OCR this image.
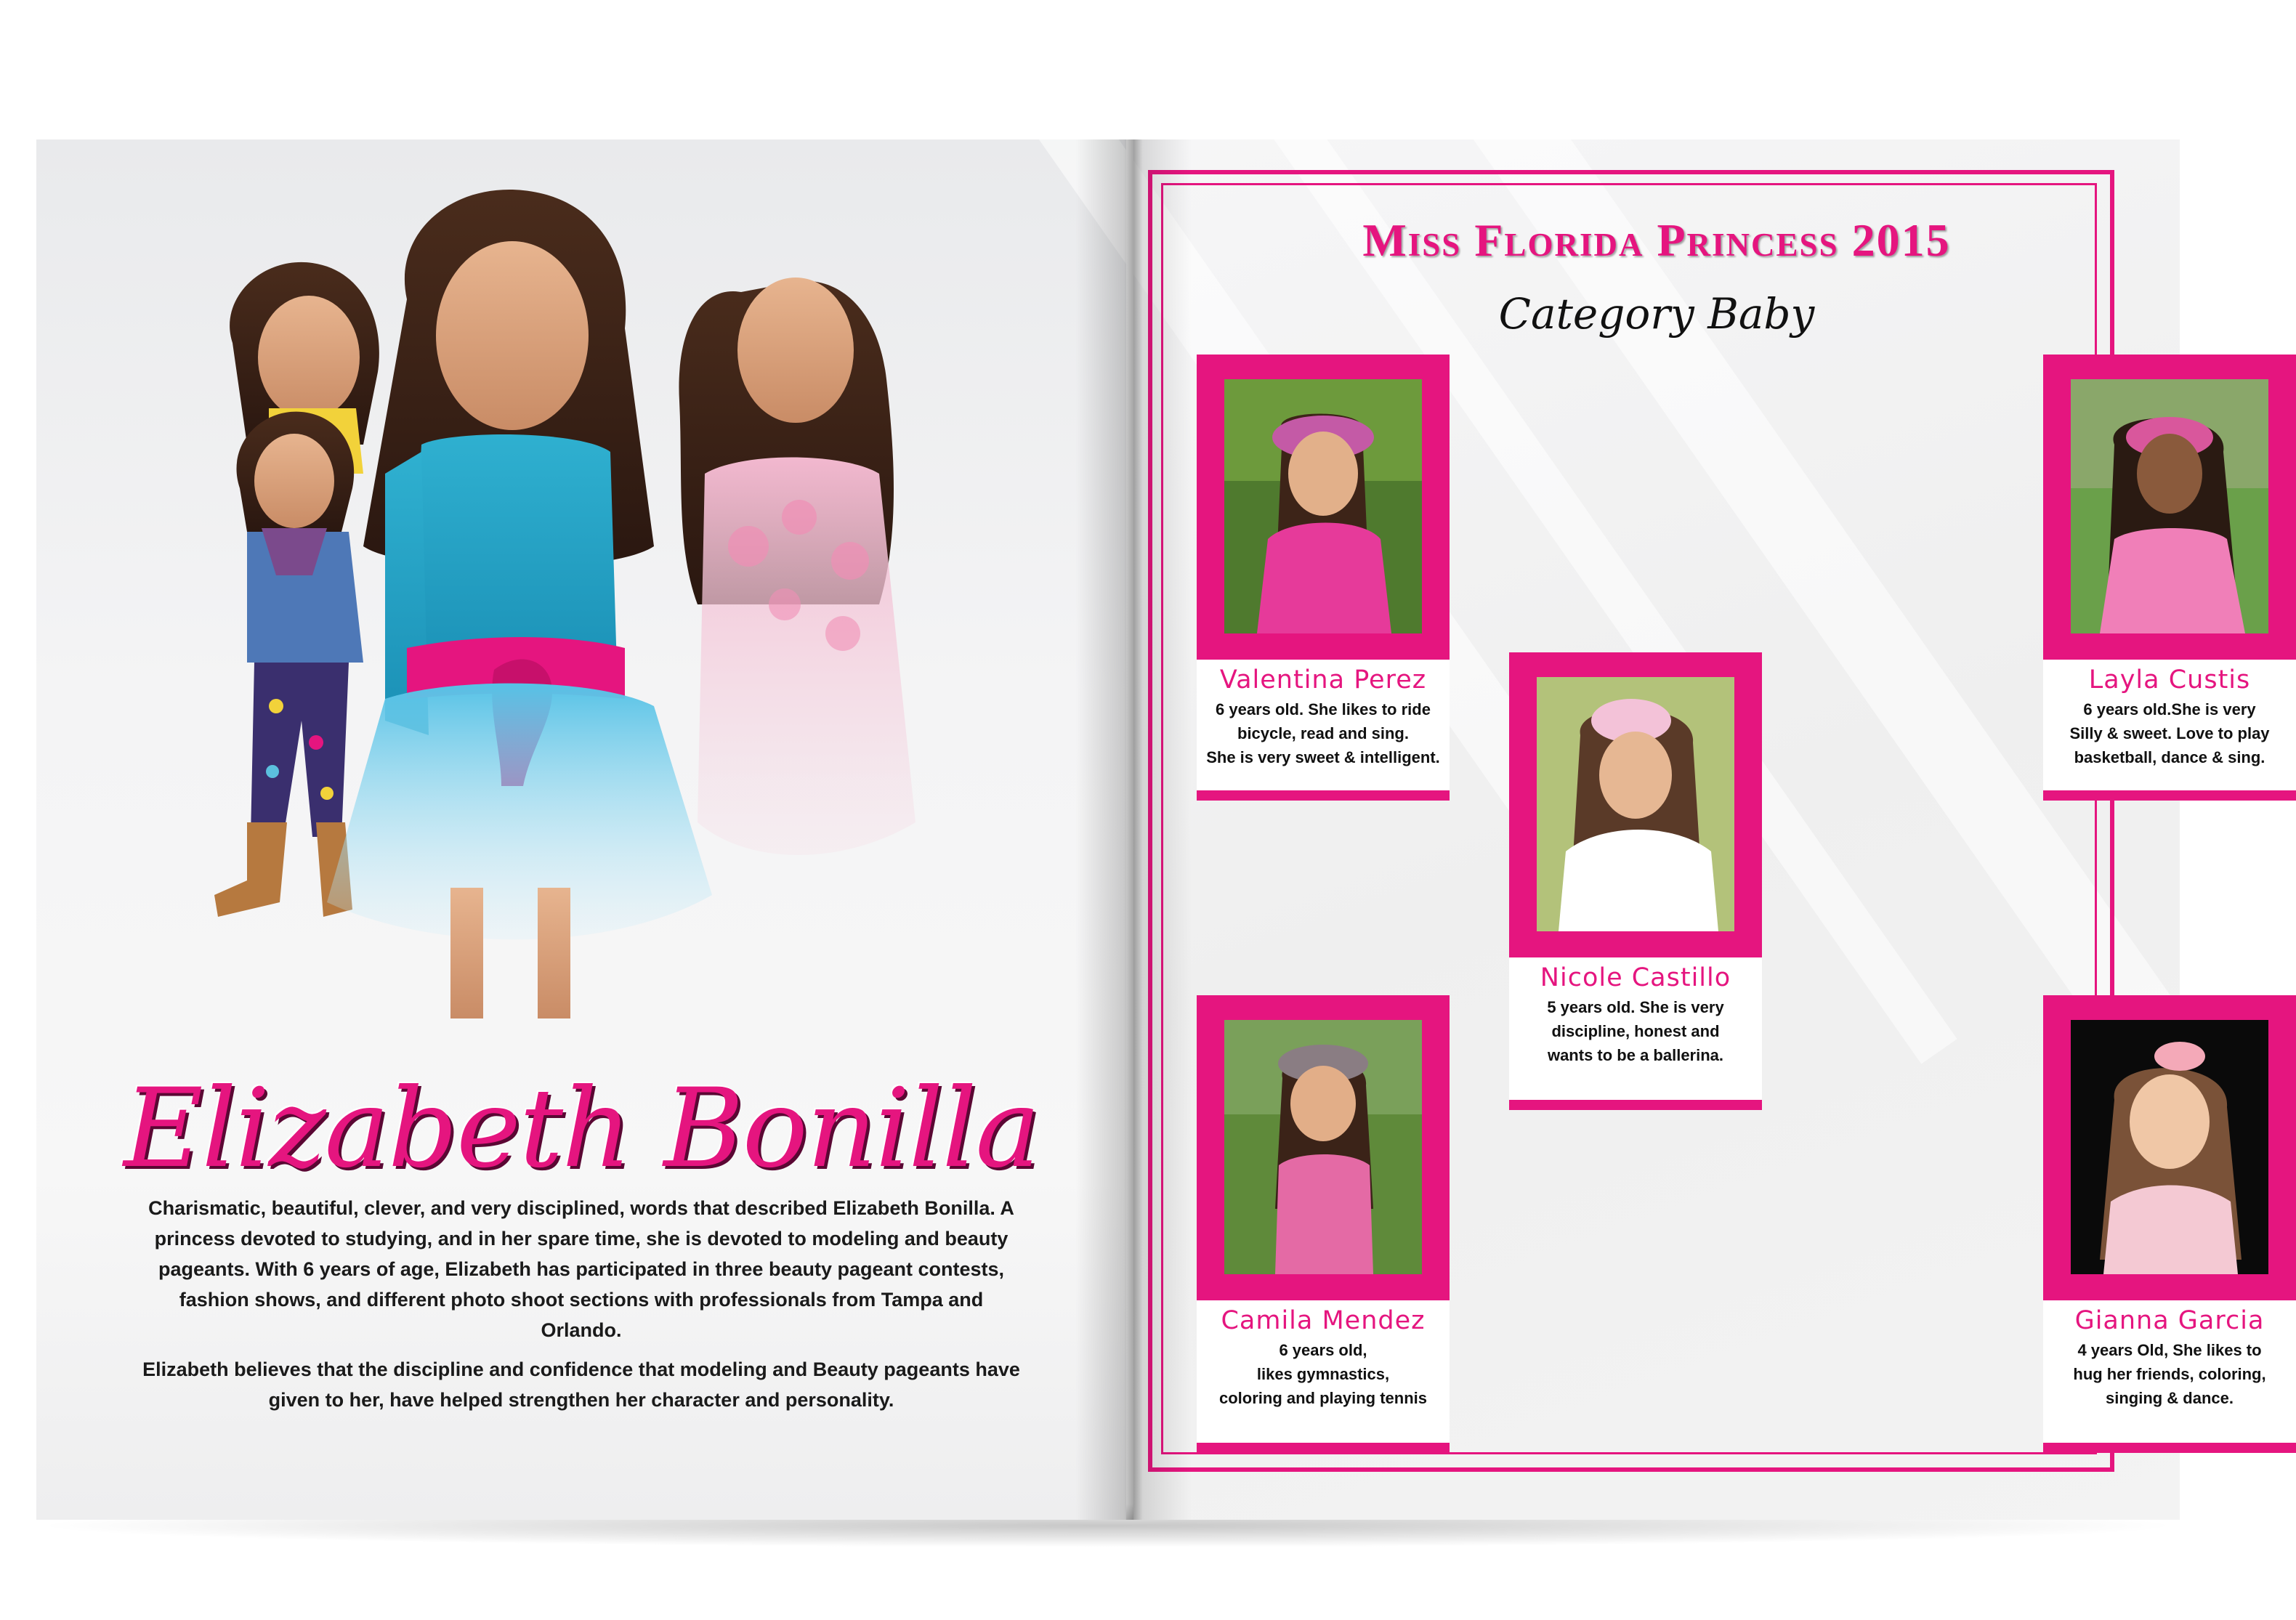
Elizabeth Bonilla
Charismatic, beautiful, clever, and very disciplined, words that described Elizabeth Bonilla. A princess devoted to studying, and in her spare time, she is devoted to modeling and beauty pageants. With 6 years of age, Elizabeth has participated in three beauty pageant contests, fashion shows, and different photo shoot sections with professionals from Tampa and Orlando.
Elizabeth believes that the discipline and confidence that modeling and Beauty pageants have given to her, have helped strengthen her character and personality.
Miss Florida Princess 2015
Category Baby
Valentina Perez
6 years old. She likes to ride
bicycle, read and sing.
She is very sweet & intelligent.
Layla Custis
6 years old.She is very
Silly & sweet. Love to play
basketball, dance & sing.
Nicole Castillo
5 years old. She is very
discipline, honest and
wants to be a ballerina.
Camila Mendez
6 years old,
likes gymnastics,
coloring and playing tennis
Gianna Garcia
4 years Old, She likes to
hug her friends, coloring,
singing & dance.
